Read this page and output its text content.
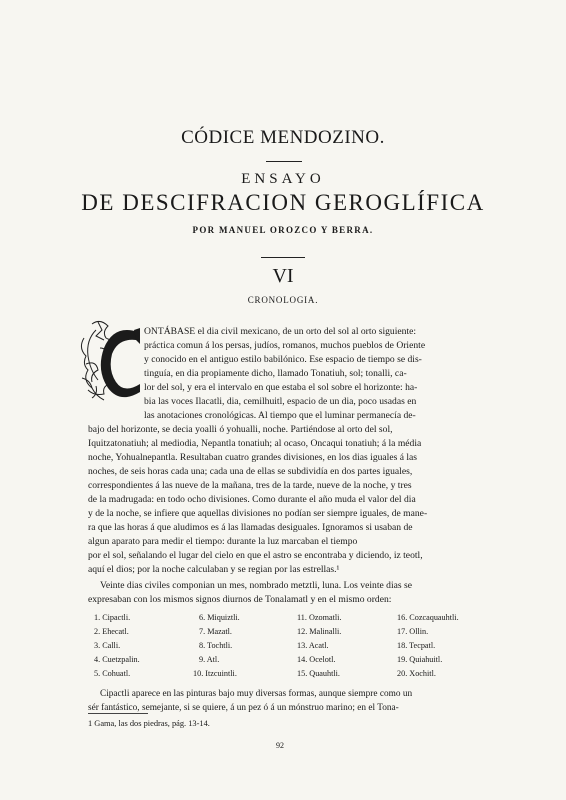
CÓDICE MENDOZINO.
ENSAYO
DE DESCIFRACION GEROGLÍFICA
POR MANUEL OROZCO Y BERRA.
VI
CRONOLOGIA.
ONTÁBASE el dia civil mexicano, de un orto del sol al orto siguiente:
práctica comun á los persas, judíos, romanos, muchos pueblos de Oriente
y conocido en el antiguo estilo babilónico. Ese espacio de tiempo se dis-
tinguía, en dia propiamente dicho, llamado Tonatiuh, sol; tonalli, ca-
lor del sol, y era el intervalo en que estaba el sol sobre el horizonte: ha-
bia las voces Ilacatli, dia, cemilhuitl, espacio de un dia, poco usadas en
las anotaciones cronológicas. Al tiempo que el luminar permanecía de-
bajo del horizonte, se decia yoalli ó yohualli, noche. Partiéndose al orto del sol,
Iquitzatonatiuh; al mediodia, Nepantla tonatiuh; al ocaso, Oncaqui tonatiuh; á la média
noche, Yohualnepantla. Resultaban cuatro grandes divisiones, en los dias iguales á las
noches, de seis horas cada una; cada una de ellas se subdividía en dos partes iguales,
correspondientes á las nueve de la mañana, tres de la tarde, nueve de la noche, y tres
de la madrugada: en todo ocho divisiones. Como durante el año muda el valor del dia
y de la noche, se infiere que aquellas divisiones no podían ser siempre iguales, de mane-
ra que las horas á que aludimos es á las llamadas desiguales. Ignoramos si usaban de
algun aparato para medir el tiempo: durante la luz marcaban el tiempo
por el sol, señalando el lugar del cielo en que el astro se encontraba y diciendo, iz teotl,
aquí el dios; por la noche calculaban y se regian por las estrellas.¹
Veinte dias civiles componian un mes, nombrado metztli, luna. Los veinte dias se
expresaban con los mismos signos diurnos de Tonalamatl y en el mismo orden:
1. Cipactli.	6. Miquiztli.	11. Ozomatli.	16. Cozcaquauhtli.
2. Ehecatl.	7. Mazatl.	12. Malinalli.	17. Ollin.
3. Calli.	8. Tochtli.	13. Acatl.	18. Tecpatl.
4. Cuetzpalin.	9. Atl.	14. Ocelotl.	19. Quiahuitl.
5. Cohuatl.	10. Itzcuintli.	15. Quauhtli.	20. Xochitl.
Cipactli aparece en las pinturas bajo muy diversas formas, aunque siempre como un
sér fantástico, semejante, si se quiere, á un pez ó á un mónstruo marino; en el Tona-
1 Gama, las dos piedras, pág. 13-14.
92
